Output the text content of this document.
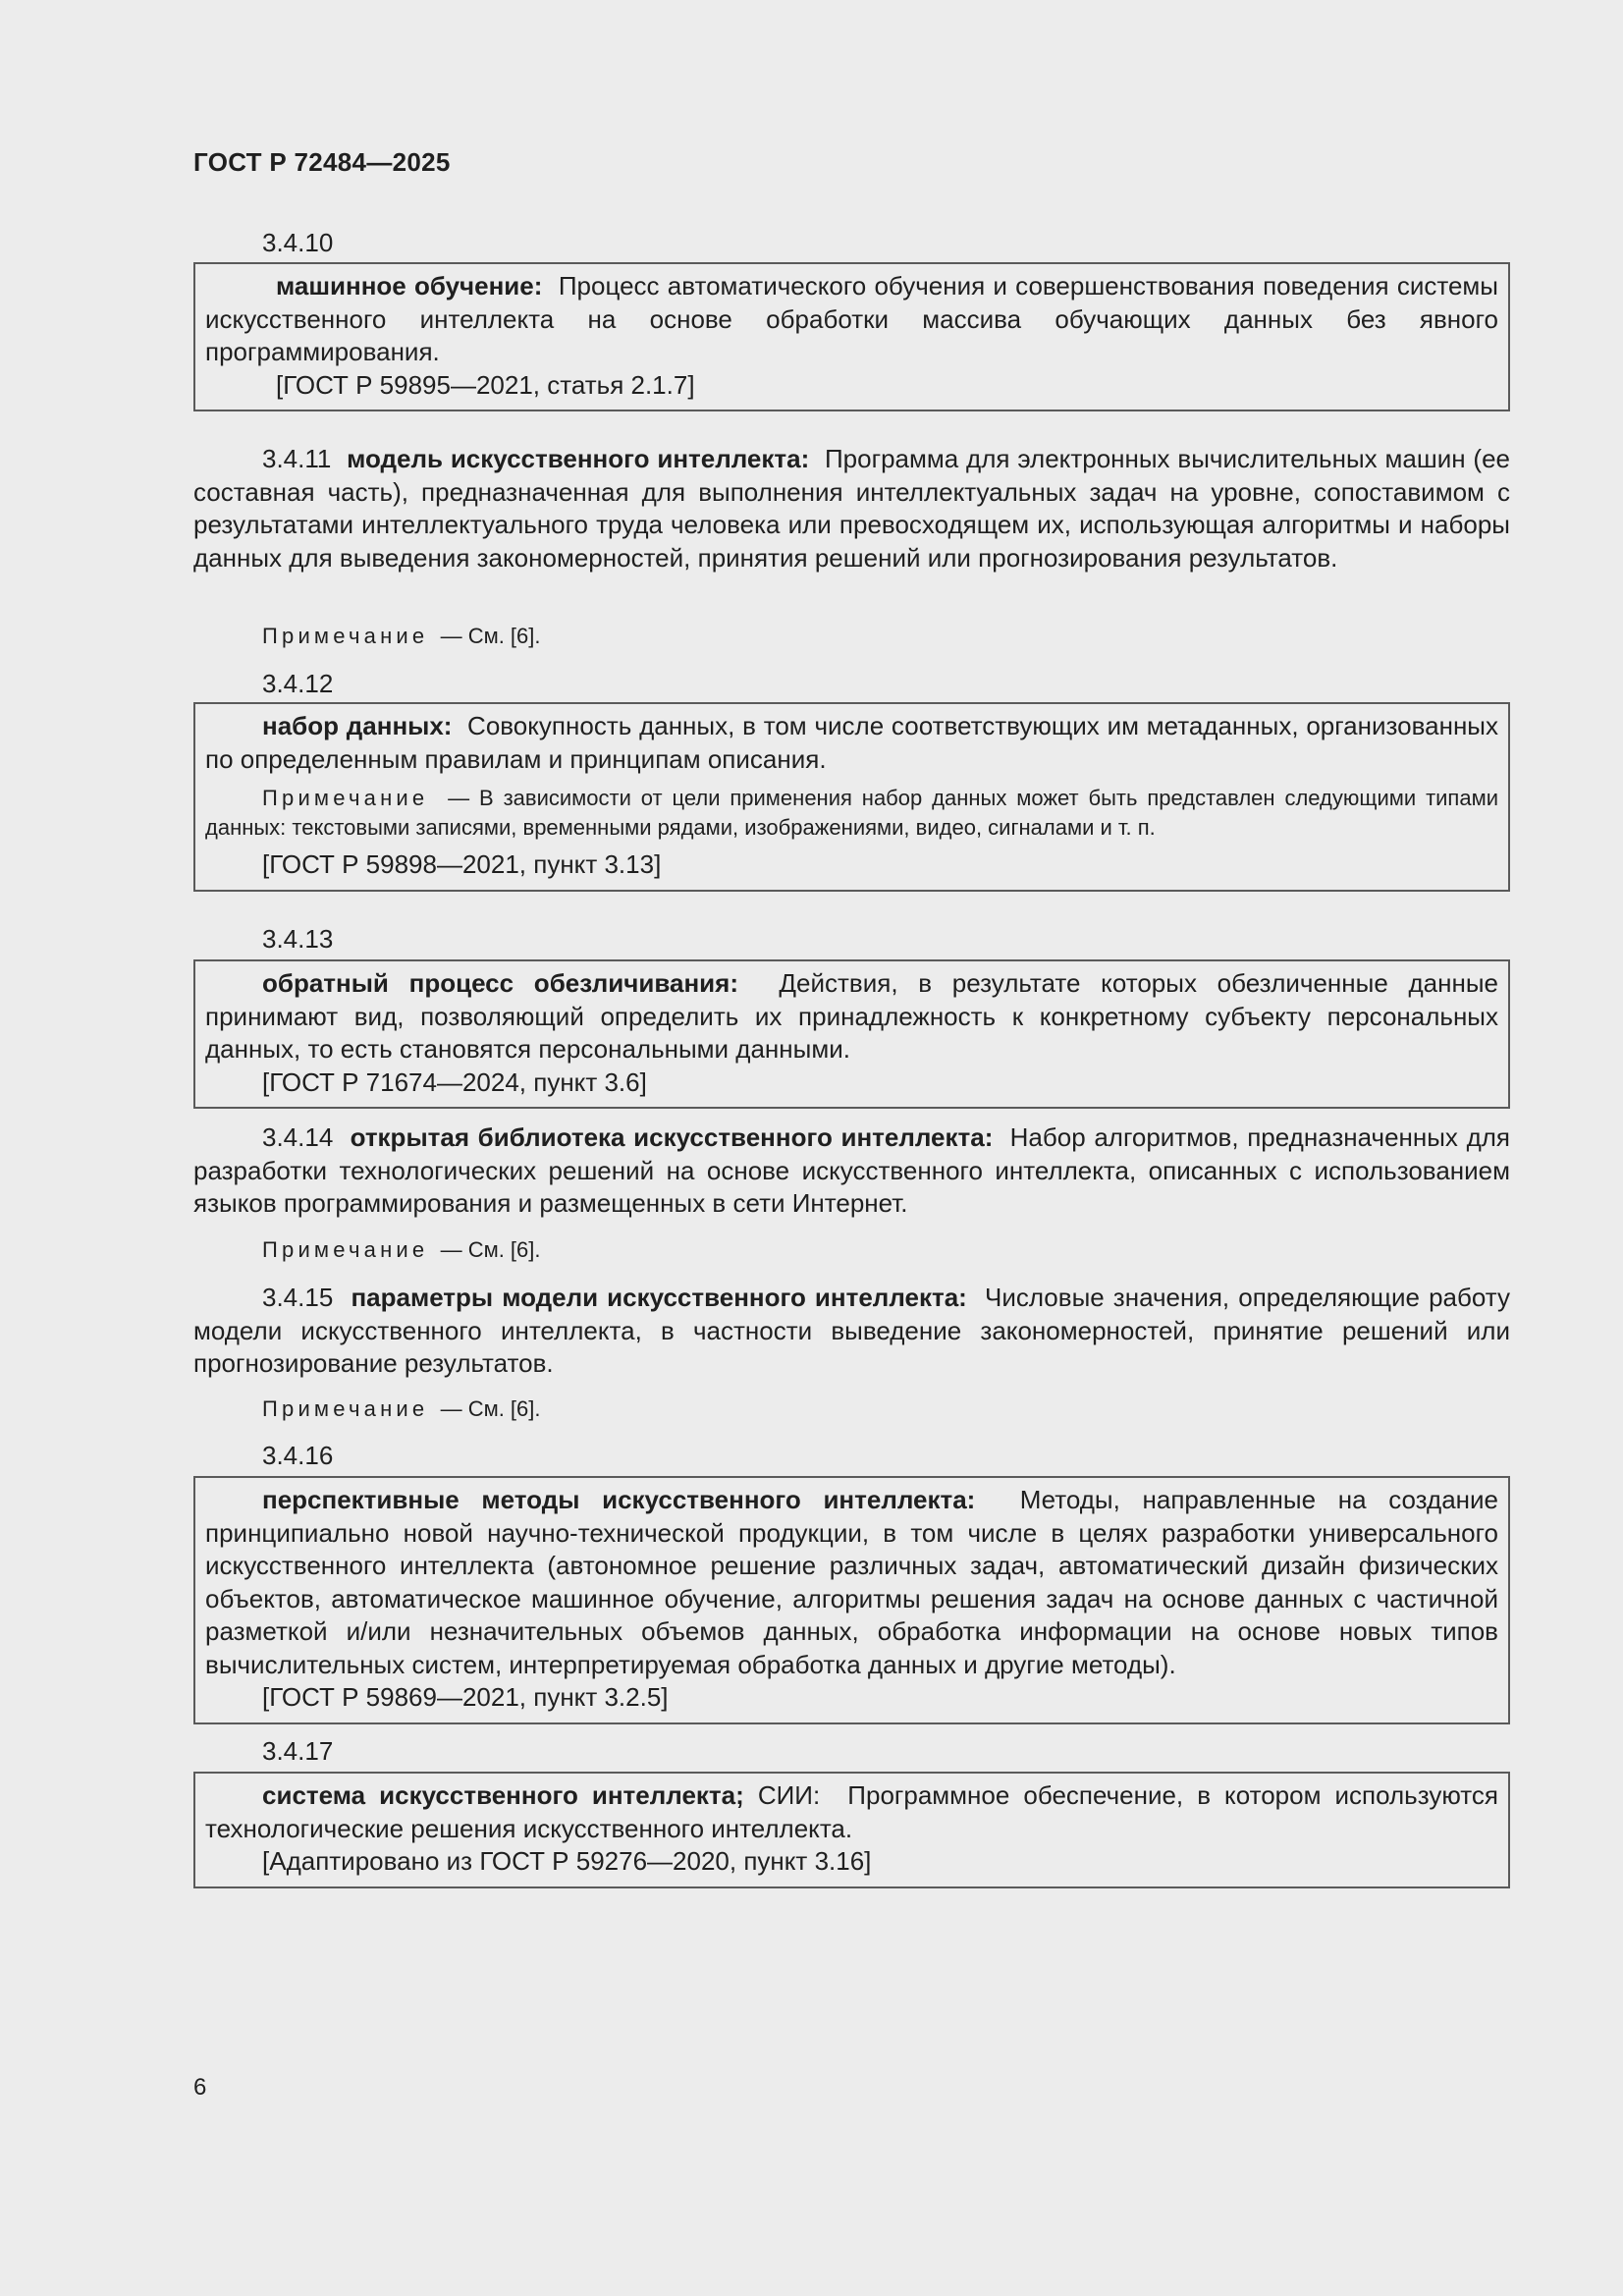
ГОСТ Р 72484—2025
3.4.10
машинное обучение: Процесс автоматического обучения и совершенствования поведения системы искусственного интеллекта на основе обработки массива обучающих данных без явного программирования.
[ГОСТ Р 59895—2021, статья 2.1.7]
3.4.11 модель искусственного интеллекта: Программа для электронных вычислительных машин (ее составная часть), предназначенная для выполнения интеллектуальных задач на уровне, сопоставимом с результатами интеллектуального труда человека или превосходящем их, использующая алгоритмы и наборы данных для выведения закономерностей, принятия решений или прогнозирования результатов.
Примечание — См. [6].
3.4.12
набор данных: Совокупность данных, в том числе соответствующих им метаданных, организованных по определенным правилам и принципам описания.
Примечание — В зависимости от цели применения набор данных может быть представлен следующими типами данных: текстовыми записями, временными рядами, изображениями, видео, сигналами и т. п.
[ГОСТ Р 59898—2021, пункт 3.13]
3.4.13
обратный процесс обезличивания: Действия, в результате которых обезличенные данные принимают вид, позволяющий определить их принадлежность к конкретному субъекту персональных данных, то есть становятся персональными данными.
[ГОСТ Р 71674—2024, пункт 3.6]
3.4.14 открытая библиотека искусственного интеллекта: Набор алгоритмов, предназначенных для разработки технологических решений на основе искусственного интеллекта, описанных с использованием языков программирования и размещенных в сети Интернет.
Примечание — См. [6].
3.4.15 параметры модели искусственного интеллекта: Числовые значения, определяющие работу модели искусственного интеллекта, в частности выведение закономерностей, принятие решений или прогнозирование результатов.
Примечание — См. [6].
3.4.16
перспективные методы искусственного интеллекта: Методы, направленные на создание принципиально новой научно-технической продукции, в том числе в целях разработки универсального искусственного интеллекта (автономное решение различных задач, автоматический дизайн физических объектов, автоматическое машинное обучение, алгоритмы решения задач на основе данных с частичной разметкой и/или незначительных объемов данных, обработка информации на основе новых типов вычислительных систем, интерпретируемая обработка данных и другие методы).
[ГОСТ Р 59869—2021, пункт 3.2.5]
3.4.17
система искусственного интеллекта; СИИ: Программное обеспечение, в котором используются технологические решения искусственного интеллекта.
[Адаптировано из ГОСТ Р 59276—2020, пункт 3.16]
6
